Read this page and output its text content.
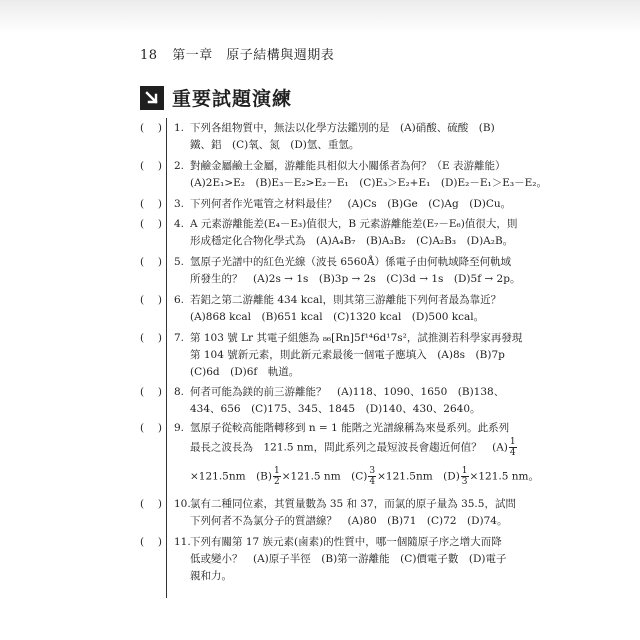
18 第一章　原子結構與週期表
重要試題演練
( ) 1. 下列各組物質中，無法以化學方法鑑別的是　(A)硝酸、硫酸　(B)
鐵、鋁　(C)氧、氮　(D)氫、重氫。
( ) 2. 對鹼金屬鹼土金屬，游離能具相似大小關係者為何？（E 表游離能）
(A)2E₁>E₂　(B)E₃－E₂>E₂－E₁　(C)E₃＞E₂+E₁　(D)E₂－E₁＞E₃－E₂。
( ) 3. 下列何者作光電管之材料最佳？　(A)Cs　(B)Ge　(C)Ag　(D)Cu。
( ) 4. A 元素游離能差(E₄－E₃)值很大，B 元素游離能差(E₇－E₆)值很大，則
形成穩定化合物化學式為　(A)A₄B₇　(B)A₃B₂　(C)A₂B₃　(D)A₂B。
( ) 5. 氫原子光譜中的紅色光線（波長 6560Å）係電子由何軌域降至何軌域
所發生的？　(A)2s → 1s　(B)3p → 2s　(C)3d → 1s　(D)5f → 2p。
( ) 6. 若鋁之第二游離能 434 kcal，則其第三游離能下列何者最為靠近？
(A)868 kcal　(B)651 kcal　(C)1320 kcal　(D)500 kcal。
( ) 7. 第 103 號 Lr 其電子組態為 ₈₆[Rn]5f¹⁴6d¹7s²，試推測若科學家再發現
第 104 號新元素，則此新元素最後一個電子應填入　(A)8s　(B)7p
(C)6d　(D)6f　軌道。
( ) 8. 何者可能為鎂的前三游離能？　(A)118、1090、1650　(B)138、
434、656　(C)175、345、1845　(D)140、430、2640。
( ) 9. 氫原子從較高能階轉移到 n = 1 能階之光譜線稱為來曼系列。此系列
最長之波長為　121.5 nm，問此系列之最短波長會趨近何值？　$(A) \frac{1}{4}$
×121.5nm　$(B) \frac{1}{2} \times 121.5$ nm　$(C) \frac{3}{4} \times 121.5nm$　$(D) \frac{1}{3} \times 121.5$ nm。
( ) 10. 氯有二種同位素，其質量數為 35 和 37，而氯的原子量為 35.5，試問
下列何者不為氯分子的質譜線？　(A)80　(B)71　(C)72　(D)74。
( ) 11. 下列有關第 17 族元素(鹵素)的性質中，哪一個隨原子序之增大而降
低或變小？　(A)原子半徑　(B)第一游離能　(C)價電子數　(D)電子
親和力。
